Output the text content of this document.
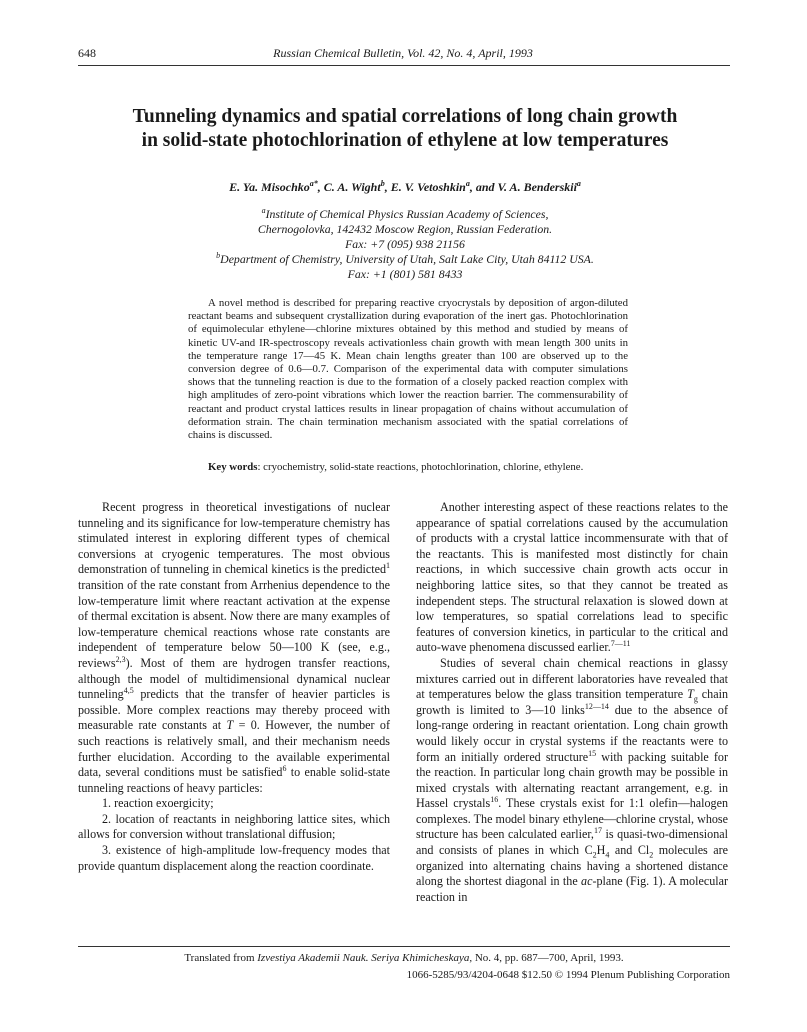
648	Russian Chemical Bulletin, Vol. 42, No. 4, April, 1993
Tunneling dynamics and spatial correlations of long chain growth
in solid-state photochlorination of ethylene at low temperatures
E. Ya. Misochko$^{a*}$, C. A. Wight$^b$, E. V. Vetoshkin$^a$, and V. A. Benderskii$^a$
$^a$Institute of Chemical Physics Russian Academy of Sciences,
Chernogolovka, 142432 Moscow Region, Russian Federation.
Fax: +7 (095) 938 21156
$^b$Department of Chemistry, University of Utah, Salt Lake City, Utah 84112 USA.
Fax: +1 (801) 581 8433
A novel method is described for preparing reactive cryocrystals by deposition of argon-diluted reactant beams and subsequent crystallization during evaporation of the inert gas. Photochlorination of equimolecular ethylene—chlorine mixtures obtained by this method and studied by means of kinetic UV-and IR-spectroscopy reveals activationless chain growth with mean length 300 units in the temperature range 17—45 K. Mean chain lengths greater than 100 are observed up to the conversion degree of 0.6—0.7. Comparison of the experimental data with computer simulations shows that the tunneling reaction is due to the formation of a closely packed reaction complex with high amplitudes of zero-point vibrations which lower the reaction barrier. The commensurability of reactant and product crystal lattices results in linear propagation of chains without accumulation of deformation strain. The chain termination mechanism associated with the spatial correlations of chains is discussed.
Key words: cryochemistry, solid-state reactions, photochlorination, chlorine, ethylene.

Recent progress in theoretical investigations of nuclear tunneling and its significance for low-temperature chemistry has stimulated interest in exploring different types of chemical conversions at cryogenic temperatures. The most obvious demonstration of tunneling in chemical kinetics is the predicted$^1$ transition of the rate constant from Arrhenius dependence to the low-temperature limit where reactant activation at the expense of thermal excitation is absent. Now there are many examples of low-temperature chemical reactions whose rate constants are independent of temperature below 50—100 K (see, e.g., reviews$^{2,3}$). Most of them are hydrogen transfer reactions, although the model of multidimensional dynamical nuclear tunneling$^{4,5}$ predicts that the transfer of heavier particles is possible. More complex reactions may thereby proceed with measurable rate constants at T = 0. However, the number of such reactions is relatively small, and their mechanism needs further elucidation. According to the available experimental data, several conditions must be satisfied$^6$ to enable solid-state tunneling reactions of heavy particles:

1. reaction exoergicity;

2. location of reactants in neighboring lattice sites, which allows for conversion without translational diffusion;

3. existence of high-amplitude low-frequency modes that provide quantum displacement along the reaction coordinate.

Another interesting aspect of these reactions relates to the appearance of spatial correlations caused by the accumulation of products with a crystal lattice incommensurate with that of the reactants. This is manifested most distinctly for chain reactions, in which successive chain growth acts occur in neighboring lattice sites, so that they cannot be treated as independent steps. The structural relaxation is slowed down at low temperatures, so spatial correlations lead to specific features of conversion kinetics, in particular to the critical and auto-wave phenomena discussed earlier.$^{7—11}$

Studies of several chain chemical reactions in glassy mixtures carried out in different laboratories have revealed that at temperatures below the glass transition temperature $T_g$ chain growth is limited to 3—10 links$^{12—14}$ due to the absence of long-range ordering in reactant orientation. Long chain growth would likely occur in crystal systems if the reactants were to form an initially ordered structure$^{15}$ with packing suitable for the reaction. In particular long chain growth may be possible in mixed crystals with alternating reactant arrangement, e.g. in Hassel crystals$^{16}$. These crystals exist for 1:1 olefin—halogen complexes. The model binary ethylene—chlorine crystal, whose structure has been calculated earlier,$^{17}$ is quasi-two-dimensional and consists of planes in which $C_2H_4$ and $Cl_2$ molecules are organized into alternating chains having a shortened distance along the shortest diagonal in the ac-plane (Fig. 1). A molecular reaction in

Translated from Izvestiya Akademii Nauk. Seriya Khimicheskaya, No. 4, pp. 687—700, April, 1993.
1066-5285/93/4204-0648 $12.50 © 1994 Plenum Publishing Corporation
